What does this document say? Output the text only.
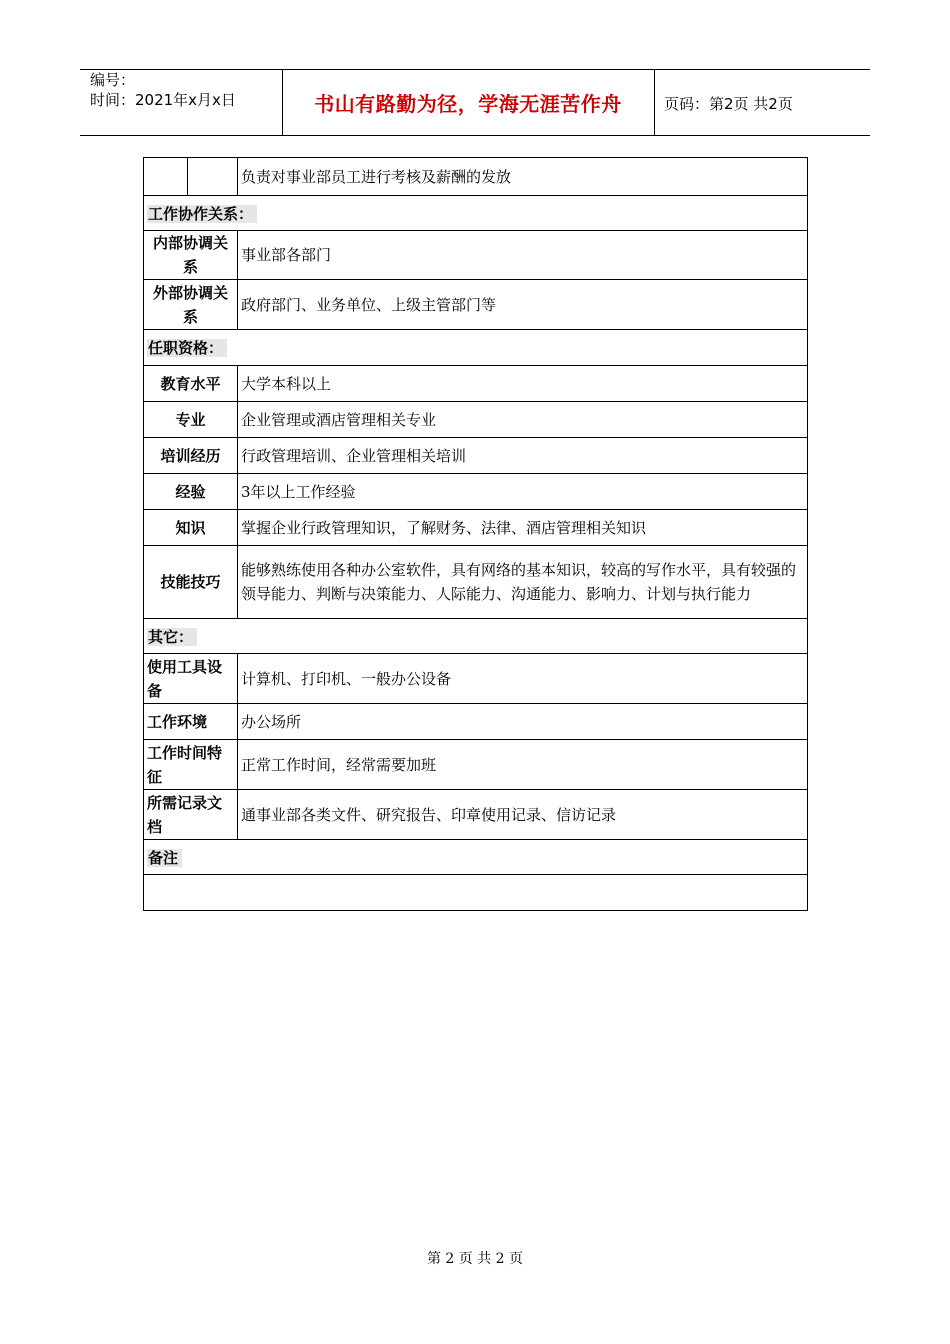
编号：
时间：2021年x月x日	书山有路勤为径，学海无涯苦作舟	页码：第2页 共2页
		负责对事业部员工进行考核及薪酬的发放
工作协作关系：		
内部协调关系		事业部各部门
外部协调关系		政府部门、业务单位、上级主管部门等
任职资格：		
教育水平		大学本科以上
专业		企业管理或酒店管理相关专业
培训经历		行政管理培训、企业管理相关培训
经验		3年以上工作经验
知识		掌握企业行政管理知识，了解财务、法律、酒店管理相关知识
技能技巧		能够熟练使用各种办公室软件，具有网络的基本知识，较高的写作水平，具有较强的领导能力、判断与决策能力、人际能力、沟通能力、影响力、计划与执行能力
其它：		
使用工具设备		计算机、打印机、一般办公设备
工作环境		办公场所
工作时间特征		正常工作时间，经常需要加班
所需记录文档		通事业部各类文件、研究报告、印章使用记录、信访记录
备注		

第 2 页 共 2 页
